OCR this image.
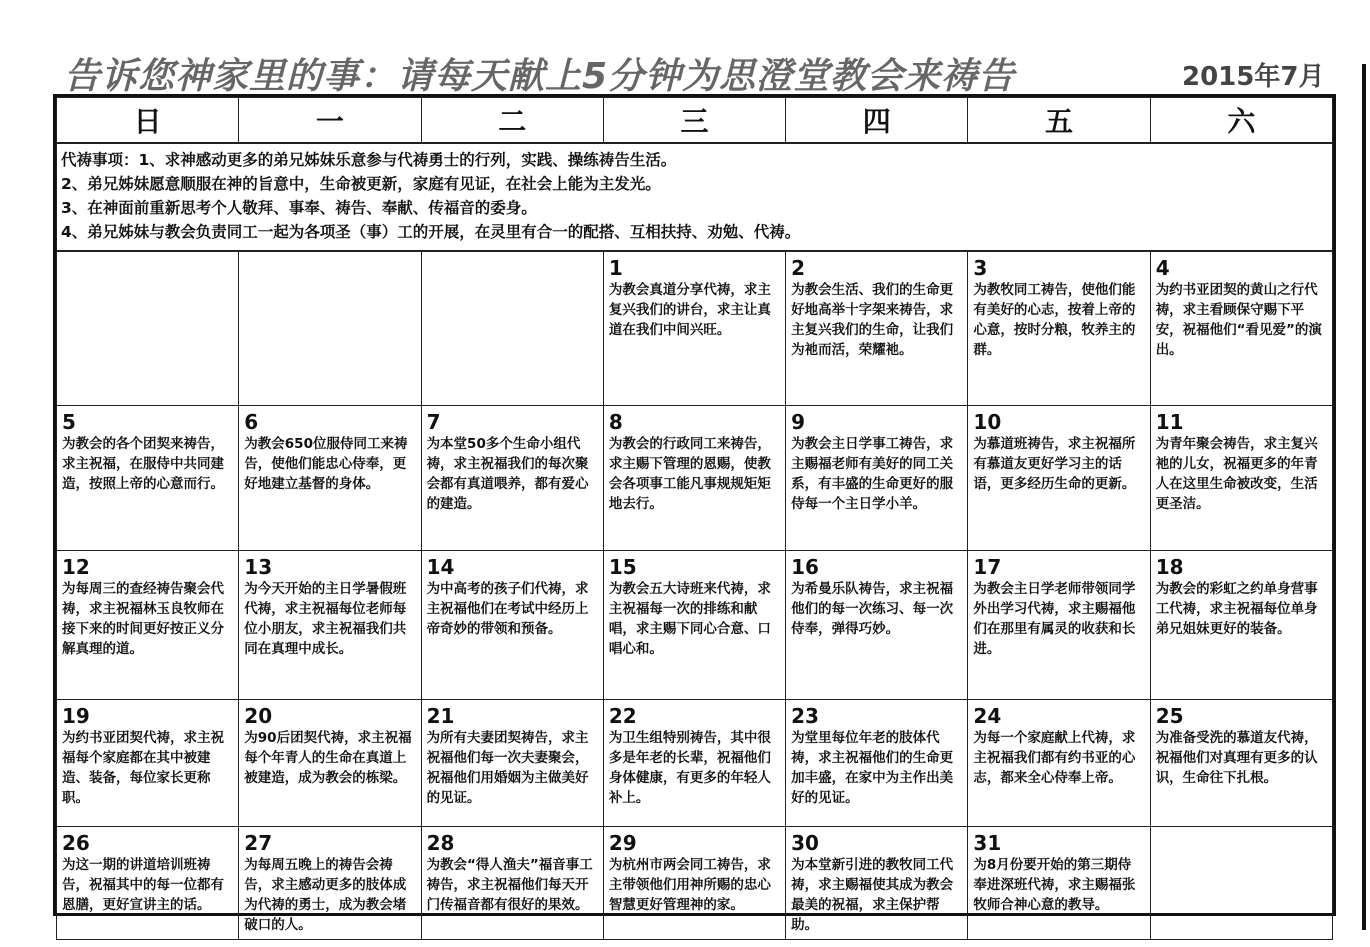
告诉您神家里的事：请每天献上5分钟为思澄堂教会来祷告	2015年7月
日	一	二	三	四	五	六

代祷事项：1、求神感动更多的弟兄姊妹乐意参与代祷勇士的行列，实践、操练祷告生活。
2、弟兄姊妹愿意顺服在神的旨意中，生命被更新，家庭有见证，在社会上能为主发光。
3、在神面前重新思考个人敬拜、事奉、祷告、奉献、传福音的委身。
4、弟兄姊妹与教会负责同工一起为各项圣（事）工的开展，在灵里有合一的配搭、互相扶持、劝勉、代祷。						

			1
为教会真道分享代祷，求主复兴我们的讲台，求主让真道在我们中间兴旺。	2
为教会生活、我们的生命更好地高举十字架来祷告，求主复兴我们的生命，让我们为祂而活，荣耀祂。	3
为教牧同工祷告，使他们能有美好的心志，按着上帝的心意，按时分粮，牧养主的群。	4
为约书亚团契的黄山之行代祷，求主看顾保守赐下平安，祝福他们“看见爱”的演出。

5
为教会的各个团契来祷告，求主祝福，在服侍中共同建造，按照上帝的心意而行。	6
为教会650位服侍同工来祷告，使他们能忠心侍奉，更好地建立基督的身体。	7
为本堂50多个生命小组代祷，求主祝福我们的每次聚会都有真道喂养，都有爱心的建造。	8
为教会的行政同工来祷告，求主赐下管理的恩赐，使教会各项事工能凡事规规矩矩地去行。	9
为教会主日学事工祷告，求主赐福老师有美好的同工关系，有丰盛的生命更好的服侍每一个主日学小羊。	10
为慕道班祷告，求主祝福所有慕道友更好学习主的话语，更多经历生命的更新。	11
为青年聚会祷告，求主复兴祂的儿女，祝福更多的年青人在这里生命被改变，生活更圣洁。

12
为每周三的查经祷告聚会代祷，求主祝福林玉良牧师在接下来的时间更好按正义分解真理的道。	13
为今天开始的主日学暑假班代祷，求主祝福每位老师每位小朋友，求主祝福我们共同在真理中成长。	14
为中高考的孩子们代祷，求主祝福他们在考试中经历上帝奇妙的带领和预备。	15
为教会五大诗班来代祷，求主祝福每一次的排练和献唱，求主赐下同心合意、口唱心和。	16
为希曼乐队祷告，求主祝福他们的每一次练习、每一次侍奉，弹得巧妙。	17
为教会主日学老师带领同学外出学习代祷，求主赐福他们在那里有属灵的收获和长进。	18
为教会的彩虹之约单身营事工代祷，求主祝福每位单身弟兄姐妹更好的装备。

19
为约书亚团契代祷，求主祝福每个家庭都在其中被建造、装备，每位家长更称职。	20
为90后团契代祷，求主祝福每个年青人的生命在真道上被建造，成为教会的栋梁。	21
为所有夫妻团契祷告，求主祝福他们每一次夫妻聚会，祝福他们用婚姻为主做美好的见证。	22
为卫生组特别祷告，其中很多是年老的长辈，祝福他们身体健康，有更多的年轻人补上。	23
为堂里每位年老的肢体代祷，求主祝福他们的生命更加丰盛，在家中为主作出美好的见证。	24
为每一个家庭献上代祷，求主祝福我们都有约书亚的心志，都来全心侍奉上帝。	25
为准备受洗的慕道友代祷，祝福他们对真理有更多的认识，生命往下扎根。

26
为这一期的讲道培训班祷告，祝福其中的每一位都有恩膳，更好宣讲主的话。	27
为每周五晚上的祷告会祷告，求主感动更多的肢体成为代祷的勇士，成为教会堵破口的人。	28
为教会“得人渔夫”福音事工祷告，求主祝福他们每天开门传福音都有很好的果效。	29
为杭州市两会同工祷告，求主带领他们用神所赐的忠心智慧更好管理神的家。	30
为本堂新引进的教牧同工代祷，求主赐福使其成为教会最美的祝福，求主保护帮助。	31
为8月份要开始的第三期侍奉进深班代祷，求主赐福张牧师合神心意的教导。	
